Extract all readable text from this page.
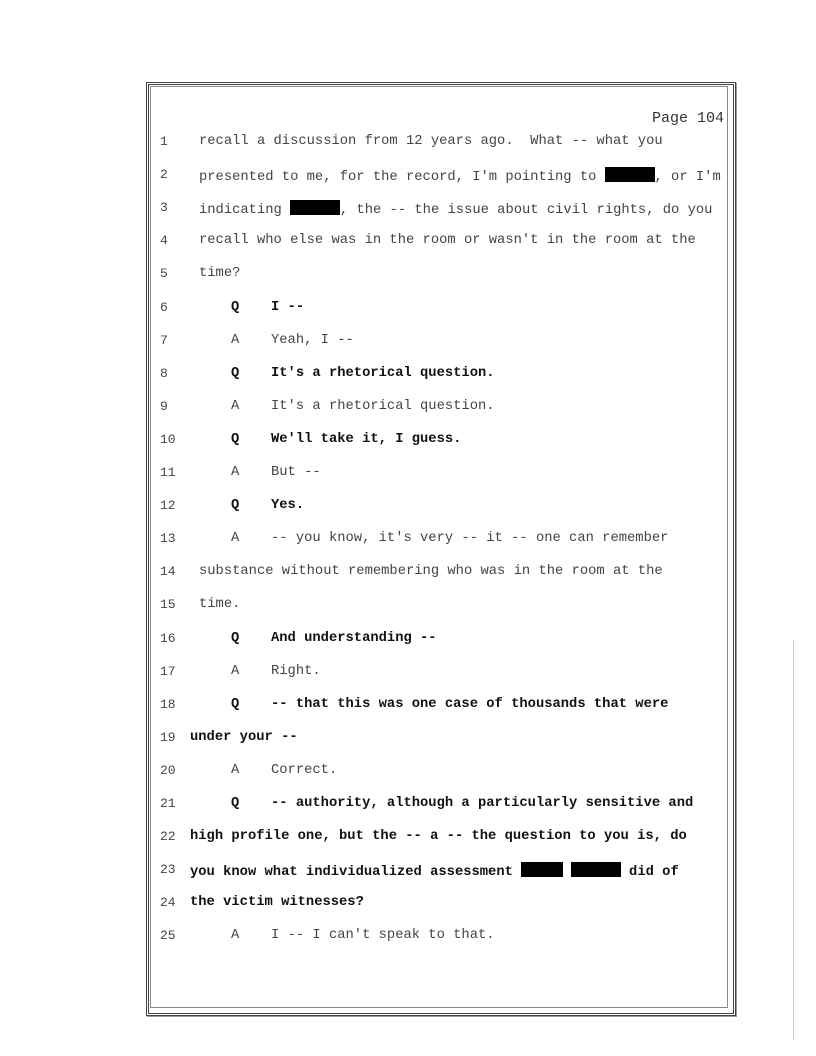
Page 104
1	recall a discussion from 12 years ago.  What -- what you
2	presented to me, for the record, I'm pointing to	, or I'm
3	indicating	, the -- the issue about civil rights, do you
4	recall who else was in the room or wasn't in the room at the
5	time?
6	Q I --
7	A Yeah, I --
8	Q It's a rhetorical question.
9	A It's a rhetorical question.
10	Q We'll take it, I guess.
11	A But --
12	Q Yes.
13	A -- you know, it's very -- it -- one can remember
14	substance without remembering who was in the room at the
15	time.
16	Q And understanding --
17	A Right.
18	Q -- that this was one case of thousands that were
19	under your --
20	A Correct.
21	Q -- authority, although a particularly sensitive and
22	high profile one, but the -- a -- the question to you is, do
23	you know what individualized assessment	did of
24	the victim witnesses?
25	A I -- I can't speak to that.
